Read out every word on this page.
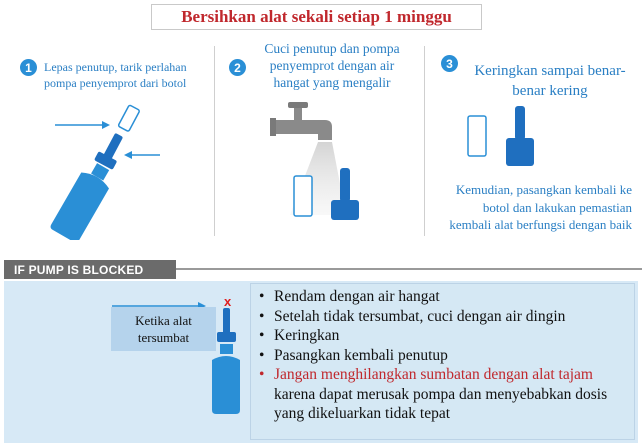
Bersihkan alat sekali setiap 1 minggu
1	Lepas penutup, tarik perlahan pompa penyemprot dari botol
2
Cuci penutup dan pompa penyemprot dengan air hangat yang mengalir
3	Keringkan sampai benar-benar kering
Kemudian, pasangkan kembali ke botol dan lakukan pemastian kembali alat berfungsi dengan baik
IF PUMP IS BLOCKED
x
Ketika alat tersumbat
• Rendam dengan air hangat
• Setelah tidak tersumbat, cuci dengan air dingin
• Keringkan
• Pasangkan kembali penutup
• Jangan menghilangkan sumbatan dengan alat tajam karena dapat merusak pompa dan menyebabkan dosis yang dikeluarkan tidak tepat
